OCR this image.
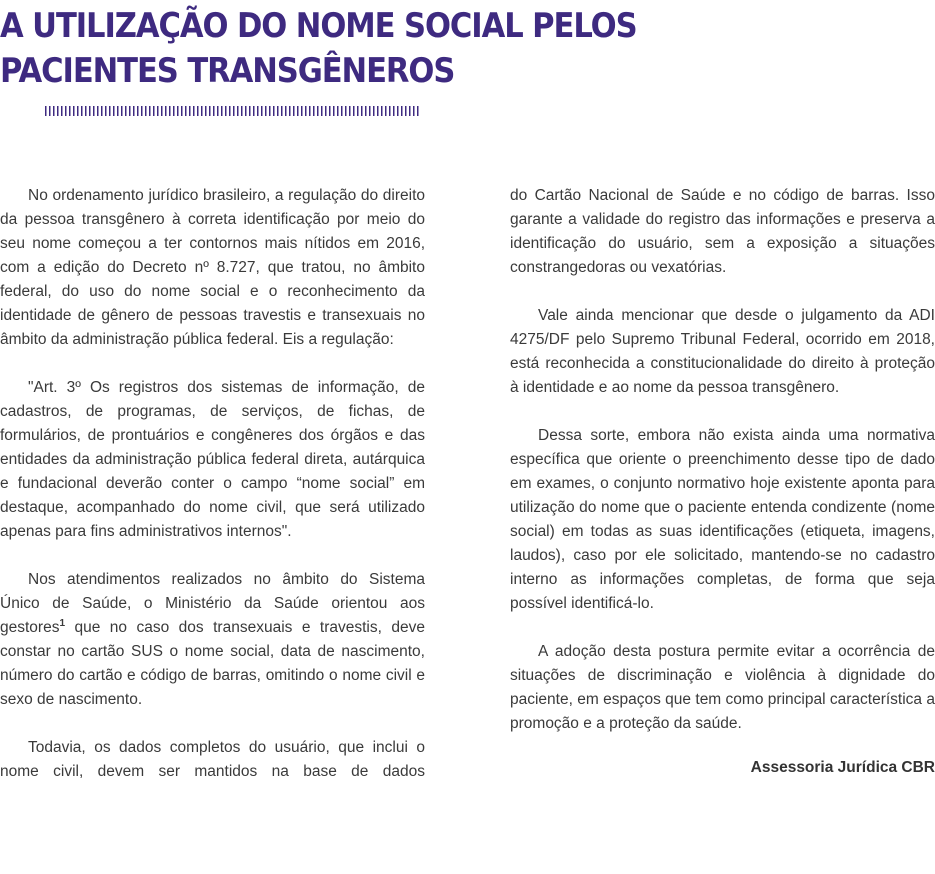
A UTILIZAÇÃO DO NOME SOCIAL PELOS
PACIENTES TRANSGÊNEROS

No ordenamento jurídico brasileiro, a regulação do direito da pessoa transgênero à correta identificação por meio do seu nome começou a ter contornos mais nítidos em 2016, com a edição do Decreto nº 8.727, que tratou, no âmbito federal, do uso do nome social e o reconhecimento da identidade de gênero de pessoas travestis e transexuais no âmbito da administração pública federal. Eis a regulação:

"Art. 3º Os registros dos sistemas de informação, de cadastros, de programas, de serviços, de fichas, de formulários, de prontuários e congêneres dos órgãos e das entidades da administração pública federal direta, autárquica e fundacional deverão conter o campo “nome social” em destaque, acompanhado do nome civil, que será utilizado apenas para fins administrativos internos".

Nos atendimentos realizados no âmbito do Sistema Único de Saúde, o Ministério da Saúde orientou aos gestores$^1$ que no caso dos transexuais e travestis, deve constar no cartão SUS o nome social, data de nascimento, número do cartão e código de barras, omitindo o nome civil e sexo de nascimento.

Todavia, os dados completos do usuário, que inclui o nome civil, devem ser mantidos na base de dados

do Cartão Nacional de Saúde e no código de barras. Isso garante a validade do registro das informações e preserva a identificação do usuário, sem a exposição a situações constrangedoras ou vexatórias.

Vale ainda mencionar que desde o julgamento da ADI 4275/DF pelo Supremo Tribunal Federal, ocorrido em 2018, está reconhecida a constitucionalidade do direito à proteção à identidade e ao nome da pessoa transgênero.

Dessa sorte, embora não exista ainda uma normativa específica que oriente o preenchimento desse tipo de dado em exames, o conjunto normativo hoje existente aponta para utilização do nome que o paciente entenda condizente (nome social) em todas as suas identificações (etiqueta, imagens, laudos), caso por ele solicitado, mantendo-se no cadastro interno as informações completas, de forma que seja possível identificá-lo.

A adoção desta postura permite evitar a ocorrência de situações de discriminação e violência à dignidade do paciente, em espaços que tem como principal característica a promoção e a proteção da saúde.

Assessoria Jurídica CBR
